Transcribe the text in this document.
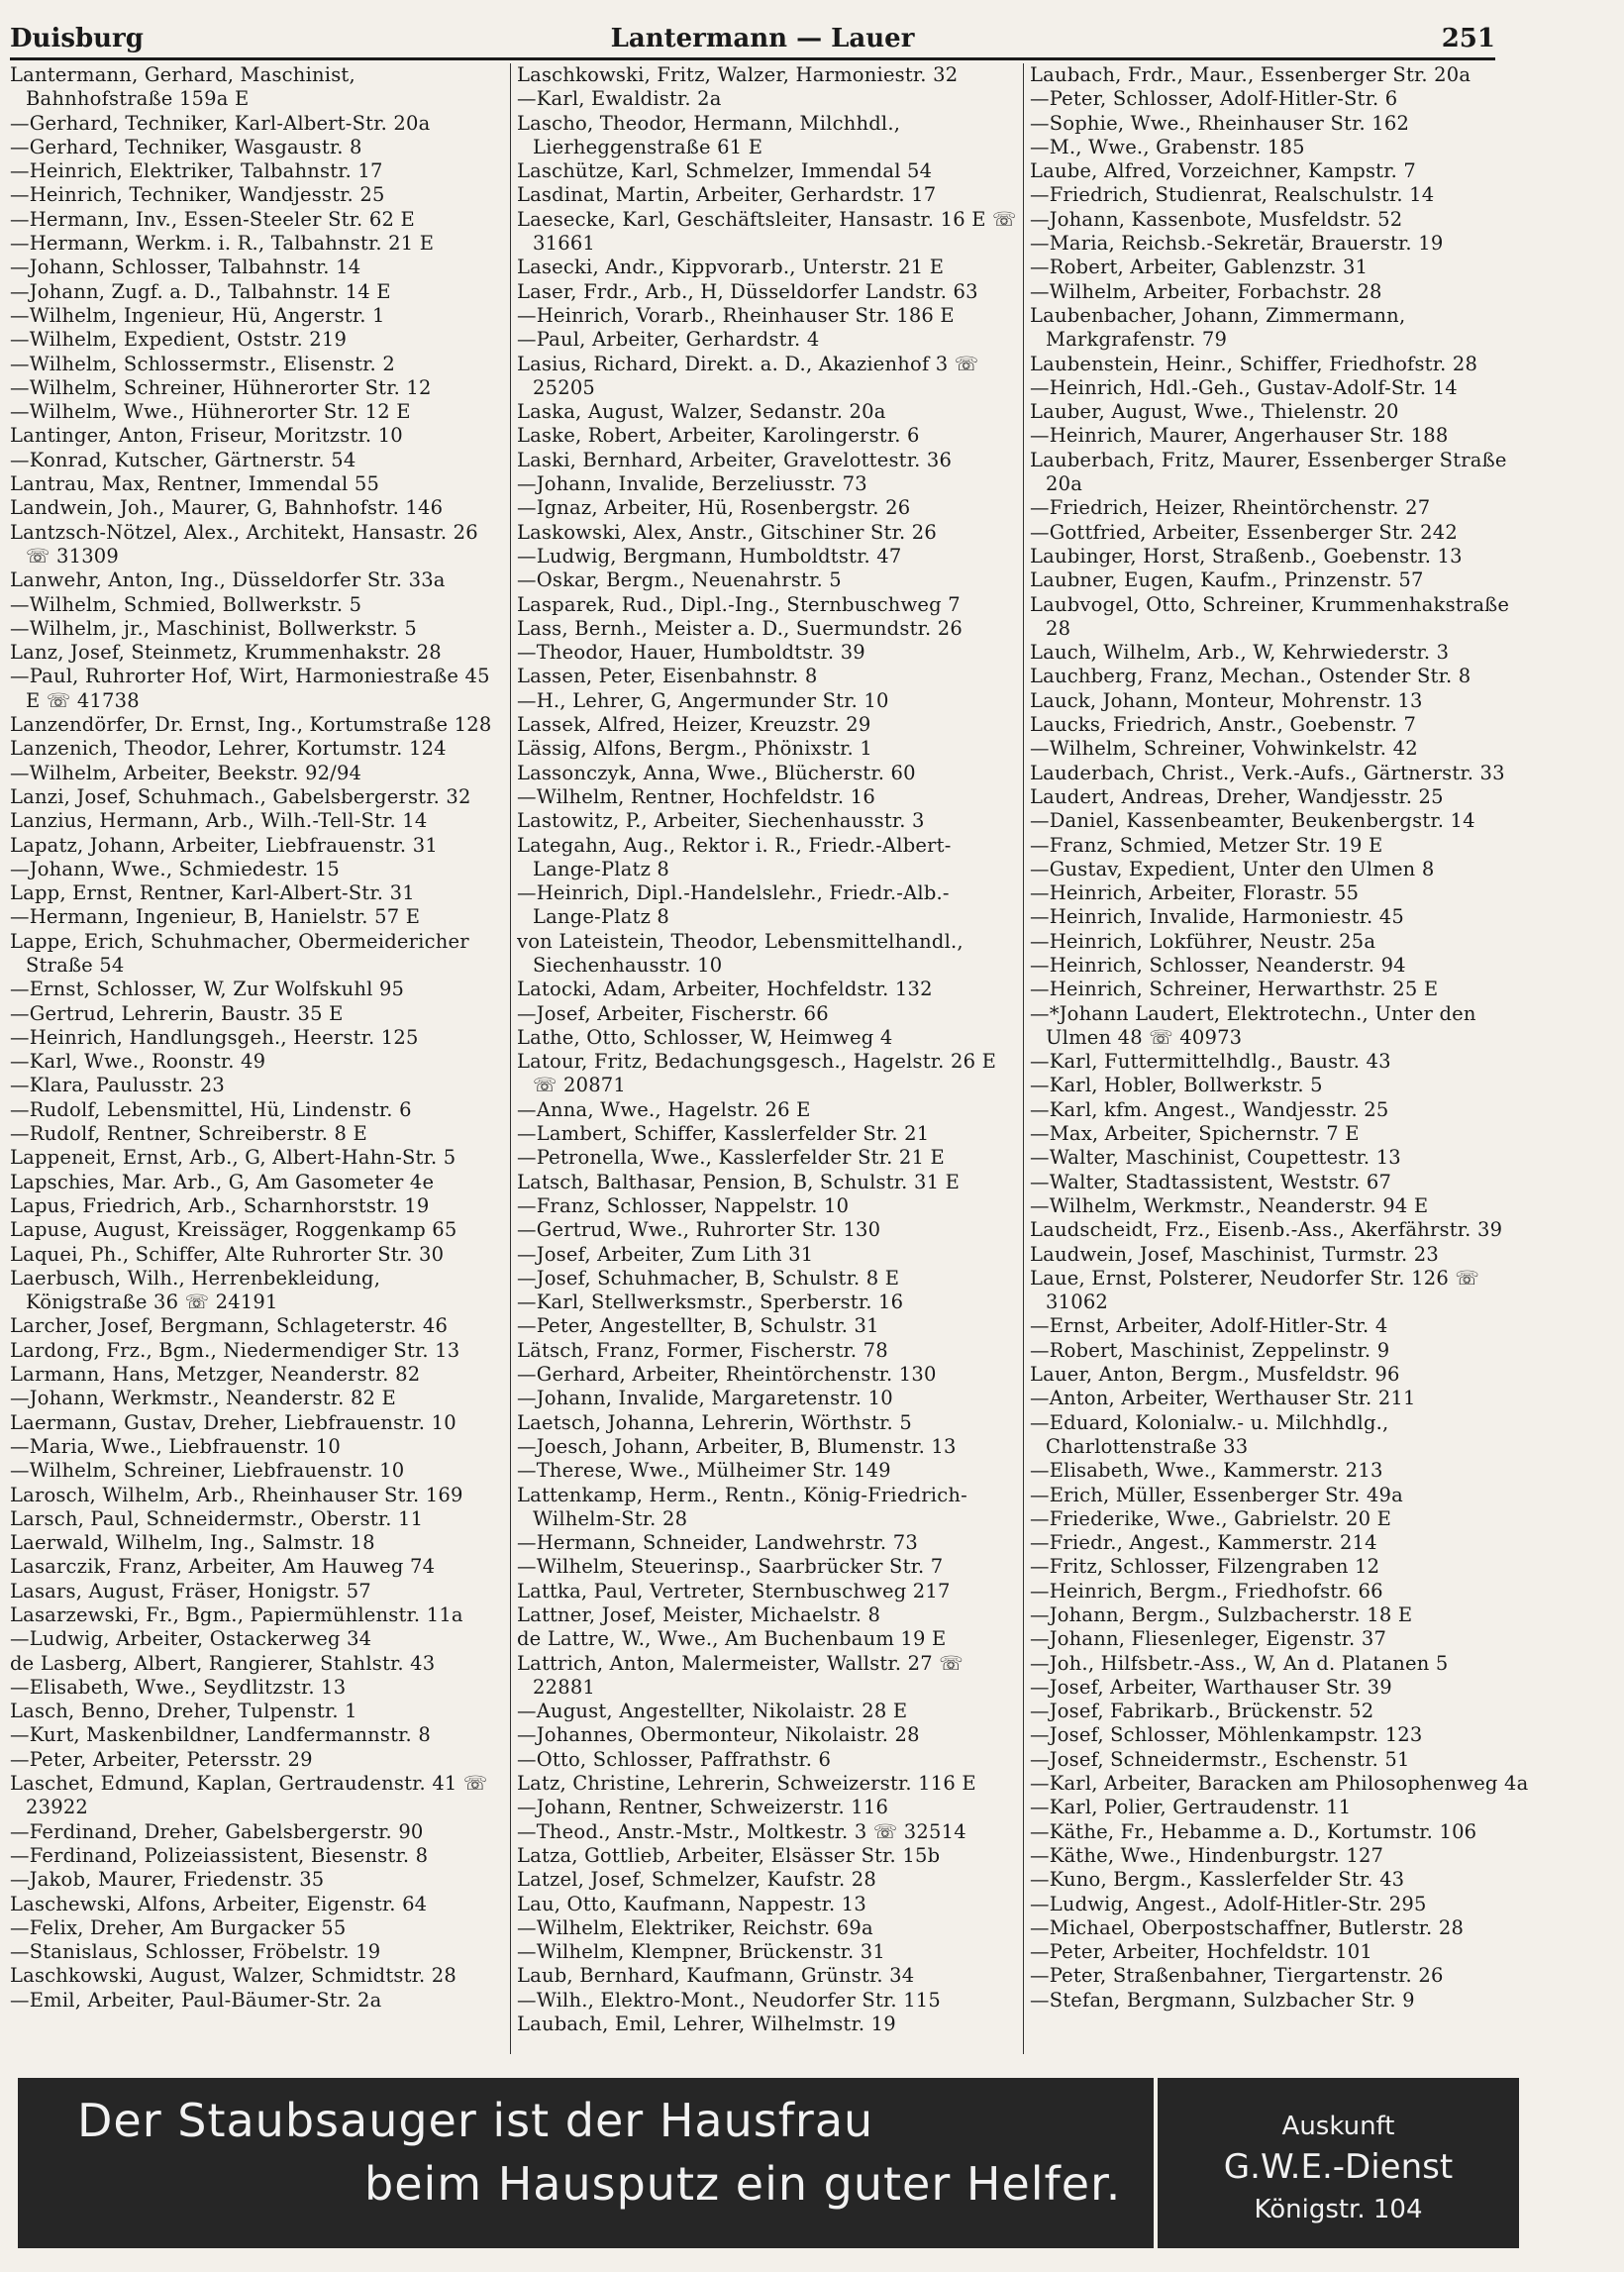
Duisburg	Lantermann — Lauer	251
Lantermann, Gerhard, Maschinist, Bahnhofstraße 159a E
—Gerhard, Techniker, Karl-Albert-Str. 20a
—Gerhard, Techniker, Wasgaustr. 8
—Heinrich, Elektriker, Talbahnstr. 17
—Heinrich, Techniker, Wandjesstr. 25
—Hermann, Inv., Essen-Steeler Str. 62 E
—Hermann, Werkm. i. R., Talbahnstr. 21 E
—Johann, Schlosser, Talbahnstr. 14
—Johann, Zugf. a. D., Talbahnstr. 14 E
—Wilhelm, Ingenieur, Hü, Angerstr. 1
—Wilhelm, Expedient, Oststr. 219
—Wilhelm, Schlossermstr., Elisenstr. 2
—Wilhelm, Schreiner, Hühnerorter Str. 12
—Wilhelm, Wwe., Hühnerorter Str. 12 E
Lantinger, Anton, Friseur, Moritzstr. 10
—Konrad, Kutscher, Gärtnerstr. 54
Lantrau, Max, Rentner, Immendal 55
Landwein, Joh., Maurer, G, Bahnhofstr. 146
Lantzsch-Nötzel, Alex., Architekt, Hansastr. 26 ☏ 31309
Lanwehr, Anton, Ing., Düsseldorfer Str. 33a
—Wilhelm, Schmied, Bollwerkstr. 5
—Wilhelm, jr., Maschinist, Bollwerkstr. 5
Lanz, Josef, Steinmetz, Krummenhakstr. 28
—Paul, Ruhrorter Hof, Wirt, Harmoniestraße 45 E ☏ 41738
Lanzendörfer, Dr. Ernst, Ing., Kortumstraße 128
Lanzenich, Theodor, Lehrer, Kortumstr. 124
—Wilhelm, Arbeiter, Beekstr. 92/94
Lanzi, Josef, Schuhmach., Gabelsbergerstr. 32
Lanzius, Hermann, Arb., Wilh.-Tell-Str. 14
Lapatz, Johann, Arbeiter, Liebfrauenstr. 31
—Johann, Wwe., Schmiedestr. 15
Lapp, Ernst, Rentner, Karl-Albert-Str. 31
—Hermann, Ingenieur, B, Hanielstr. 57 E
Lappe, Erich, Schuhmacher, Obermeidericher Straße 54
—Ernst, Schlosser, W, Zur Wolfskuhl 95
—Gertrud, Lehrerin, Baustr. 35 E
—Heinrich, Handlungsgeh., Heerstr. 125
—Karl, Wwe., Roonstr. 49
—Klara, Paulusstr. 23
—Rudolf, Lebensmittel, Hü, Lindenstr. 6
—Rudolf, Rentner, Schreiberstr. 8 E
Lappeneit, Ernst, Arb., G, Albert-Hahn-Str. 5
Lapschies, Mar. Arb., G, Am Gasometer 4e
Lapus, Friedrich, Arb., Scharnhorststr. 19
Lapuse, August, Kreissäger, Roggenkamp 65
Laquei, Ph., Schiffer, Alte Ruhrorter Str. 30
Laerbusch, Wilh., Herrenbekleidung, Königstraße 36 ☏ 24191
Larcher, Josef, Bergmann, Schlageterstr. 46
Lardong, Frz., Bgm., Niedermendiger Str. 13
Larmann, Hans, Metzger, Neanderstr. 82
—Johann, Werkmstr., Neanderstr. 82 E
Laermann, Gustav, Dreher, Liebfrauenstr. 10
—Maria, Wwe., Liebfrauenstr. 10
—Wilhelm, Schreiner, Liebfrauenstr. 10
Larosch, Wilhelm, Arb., Rheinhauser Str. 169
Larsch, Paul, Schneidermstr., Oberstr. 11
Laerwald, Wilhelm, Ing., Salmstr. 18
Lasarczik, Franz, Arbeiter, Am Hauweg 74
Lasars, August, Fräser, Honigstr. 57
Lasarzewski, Fr., Bgm., Papiermühlenstr. 11a
—Ludwig, Arbeiter, Ostackerweg 34
de Lasberg, Albert, Rangierer, Stahlstr. 43
—Elisabeth, Wwe., Seydlitzstr. 13
Lasch, Benno, Dreher, Tulpenstr. 1
—Kurt, Maskenbildner, Landfermannstr. 8
—Peter, Arbeiter, Petersstr. 29
Laschet, Edmund, Kaplan, Gertraudenstr. 41 ☏ 23922
—Ferdinand, Dreher, Gabelsbergerstr. 90
—Ferdinand, Polizeiassistent, Biesenstr. 8
—Jakob, Maurer, Friedenstr. 35
Laschewski, Alfons, Arbeiter, Eigenstr. 64
—Felix, Dreher, Am Burgacker 55
—Stanislaus, Schlosser, Fröbelstr. 19
Laschkowski, August, Walzer, Schmidtstr. 28
—Emil, Arbeiter, Paul-Bäumer-Str. 2a
Laschkowski, Fritz, Walzer, Harmoniestr. 32
—Karl, Ewaldistr. 2a
Lascho, Theodor, Hermann, Milchhdl., Lierheggenstraße 61 E
Laschütze, Karl, Schmelzer, Immendal 54
Lasdinat, Martin, Arbeiter, Gerhardstr. 17
Laesecke, Karl, Geschäftsleiter, Hansastr. 16 E ☏ 31661
Lasecki, Andr., Kippvorarb., Unterstr. 21 E
Laser, Frdr., Arb., H, Düsseldorfer Landstr. 63
—Heinrich, Vorarb., Rheinhauser Str. 186 E
—Paul, Arbeiter, Gerhardstr. 4
Lasius, Richard, Direkt. a. D., Akazienhof 3 ☏ 25205
Laska, August, Walzer, Sedanstr. 20a
Laske, Robert, Arbeiter, Karolingerstr. 6
Laski, Bernhard, Arbeiter, Gravelottestr. 36
—Johann, Invalide, Berzeliusstr. 73
—Ignaz, Arbeiter, Hü, Rosenbergstr. 26
Laskowski, Alex, Anstr., Gitschiner Str. 26
—Ludwig, Bergmann, Humboldtstr. 47
—Oskar, Bergm., Neuenahrstr. 5
Lasparek, Rud., Dipl.-Ing., Sternbuschweg 7
Lass, Bernh., Meister a. D., Suermundstr. 26
—Theodor, Hauer, Humboldtstr. 39
Lassen, Peter, Eisenbahnstr. 8
—H., Lehrer, G, Angermunder Str. 10
Lassek, Alfred, Heizer, Kreuzstr. 29
Lässig, Alfons, Bergm., Phönixstr. 1
Lassonczyk, Anna, Wwe., Blücherstr. 60
—Wilhelm, Rentner, Hochfeldstr. 16
Lastowitz, P., Arbeiter, Siechenhausstr. 3
Lategahn, Aug., Rektor i. R., Friedr.-Albert-Lange-Platz 8
—Heinrich, Dipl.-Handelslehr., Friedr.-Alb.-Lange-Platz 8
von Lateistein, Theodor, Lebensmittelhandl., Siechenhausstr. 10
Latocki, Adam, Arbeiter, Hochfeldstr. 132
—Josef, Arbeiter, Fischerstr. 66
Lathe, Otto, Schlosser, W, Heimweg 4
Latour, Fritz, Bedachungsgesch., Hagelstr. 26 E ☏ 20871
—Anna, Wwe., Hagelstr. 26 E
—Lambert, Schiffer, Kasslerfelder Str. 21
—Petronella, Wwe., Kasslerfelder Str. 21 E
Latsch, Balthasar, Pension, B, Schulstr. 31 E
—Franz, Schlosser, Nappelstr. 10
—Gertrud, Wwe., Ruhrorter Str. 130
—Josef, Arbeiter, Zum Lith 31
—Josef, Schuhmacher, B, Schulstr. 8 E
—Karl, Stellwerksmstr., Sperberstr. 16
—Peter, Angestellter, B, Schulstr. 31
Lätsch, Franz, Former, Fischerstr. 78
—Gerhard, Arbeiter, Rheintörchenstr. 130
—Johann, Invalide, Margaretenstr. 10
Laetsch, Johanna, Lehrerin, Wörthstr. 5
—Joesch, Johann, Arbeiter, B, Blumenstr. 13
—Therese, Wwe., Mülheimer Str. 149
Lattenkamp, Herm., Rentn., König-Friedrich-Wilhelm-Str. 28
—Hermann, Schneider, Landwehrstr. 73
—Wilhelm, Steuerinsp., Saarbrücker Str. 7
Lattka, Paul, Vertreter, Sternbuschweg 217
Lattner, Josef, Meister, Michaelstr. 8
de Lattre, W., Wwe., Am Buchenbaum 19 E
Lattrich, Anton, Malermeister, Wallstr. 27 ☏ 22881
—August, Angestellter, Nikolaistr. 28 E
—Johannes, Obermonteur, Nikolaistr. 28
—Otto, Schlosser, Paffrathstr. 6
Latz, Christine, Lehrerin, Schweizerstr. 116 E
—Johann, Rentner, Schweizerstr. 116
—Theod., Anstr.-Mstr., Moltkestr. 3 ☏ 32514
Latza, Gottlieb, Arbeiter, Elsässer Str. 15b
Latzel, Josef, Schmelzer, Kaufstr. 28
Lau, Otto, Kaufmann, Nappestr. 13
—Wilhelm, Elektriker, Reichstr. 69a
—Wilhelm, Klempner, Brückenstr. 31
Laub, Bernhard, Kaufmann, Grünstr. 34
—Wilh., Elektro-Mont., Neudorfer Str. 115
Laubach, Emil, Lehrer, Wilhelmstr. 19
Laubach, Frdr., Maur., Essenberger Str. 20a
—Peter, Schlosser, Adolf-Hitler-Str. 6
—Sophie, Wwe., Rheinhauser Str. 162
—M., Wwe., Grabenstr. 185
Laube, Alfred, Vorzeichner, Kampstr. 7
—Friedrich, Studienrat, Realschulstr. 14
—Johann, Kassenbote, Musfeldstr. 52
—Maria, Reichsb.-Sekretär, Brauerstr. 19
—Robert, Arbeiter, Gablenzstr. 31
—Wilhelm, Arbeiter, Forbachstr. 28
Laubenbacher, Johann, Zimmermann, Markgrafenstr. 79
Laubenstein, Heinr., Schiffer, Friedhofstr. 28
—Heinrich, Hdl.-Geh., Gustav-Adolf-Str. 14
Lauber, August, Wwe., Thielenstr. 20
—Heinrich, Maurer, Angerhauser Str. 188
Lauberbach, Fritz, Maurer, Essenberger Straße 20a
—Friedrich, Heizer, Rheintörchenstr. 27
—Gottfried, Arbeiter, Essenberger Str. 242
Laubinger, Horst, Straßenb., Goebenstr. 13
Laubner, Eugen, Kaufm., Prinzenstr. 57
Laubvogel, Otto, Schreiner, Krummenhakstraße 28
Lauch, Wilhelm, Arb., W, Kehrwiederstr. 3
Lauchberg, Franz, Mechan., Ostender Str. 8
Lauck, Johann, Monteur, Mohrenstr. 13
Laucks, Friedrich, Anstr., Goebenstr. 7
—Wilhelm, Schreiner, Vohwinkelstr. 42
Lauderbach, Christ., Verk.-Aufs., Gärtnerstr. 33
Laudert, Andreas, Dreher, Wandjesstr. 25
—Daniel, Kassenbeamter, Beukenbergstr. 14
—Franz, Schmied, Metzer Str. 19 E
—Gustav, Expedient, Unter den Ulmen 8
—Heinrich, Arbeiter, Florastr. 55
—Heinrich, Invalide, Harmoniestr. 45
—Heinrich, Lokführer, Neustr. 25a
—Heinrich, Schlosser, Neanderstr. 94
—Heinrich, Schreiner, Herwarthstr. 25 E
—*Johann Laudert, Elektrotechn., Unter den Ulmen 48 ☏ 40973
—Karl, Futtermittelhdlg., Baustr. 43
—Karl, Hobler, Bollwerkstr. 5
—Karl, kfm. Angest., Wandjesstr. 25
—Max, Arbeiter, Spichernstr. 7 E
—Walter, Maschinist, Coupettestr. 13
—Walter, Stadtassistent, Weststr. 67
—Wilhelm, Werkmstr., Neanderstr. 94 E
Laudscheidt, Frz., Eisenb.-Ass., Akerfährstr. 39
Laudwein, Josef, Maschinist, Turmstr. 23
Laue, Ernst, Polsterer, Neudorfer Str. 126 ☏ 31062
—Ernst, Arbeiter, Adolf-Hitler-Str. 4
—Robert, Maschinist, Zeppelinstr. 9
Lauer, Anton, Bergm., Musfeldstr. 96
—Anton, Arbeiter, Werthauser Str. 211
—Eduard, Kolonialw.- u. Milchhdlg., Charlottenstraße 33
—Elisabeth, Wwe., Kammerstr. 213
—Erich, Müller, Essenberger Str. 49a
—Friederike, Wwe., Gabrielstr. 20 E
—Friedr., Angest., Kammerstr. 214
—Fritz, Schlosser, Filzengraben 12
—Heinrich, Bergm., Friedhofstr. 66
—Johann, Bergm., Sulzbacherstr. 18 E
—Johann, Fliesenleger, Eigenstr. 37
—Joh., Hilfsbetr.-Ass., W, An d. Platanen 5
—Josef, Arbeiter, Warthauser Str. 39
—Josef, Fabrikarb., Brückenstr. 52
—Josef, Schlosser, Möhlenkampstr. 123
—Josef, Schneidermstr., Eschenstr. 51
—Karl, Arbeiter, Baracken am Philosophenweg 4a
—Karl, Polier, Gertraudenstr. 11
—Käthe, Fr., Hebamme a. D., Kortumstr. 106
—Käthe, Wwe., Hindenburgstr. 127
—Kuno, Bergm., Kasslerfelder Str. 43
—Ludwig, Angest., Adolf-Hitler-Str. 295
—Michael, Oberpostschaffner, Butlerstr. 28
—Peter, Arbeiter, Hochfeldstr. 101
—Peter, Straßenbahner, Tiergartenstr. 26
—Stefan, Bergmann, Sulzbacher Str. 9
Der Staubsauger ist der Hausfrau
beim Hausputz ein guter Helfer.
Auskunft
G.W.E.-Dienst
Königstr. 104
